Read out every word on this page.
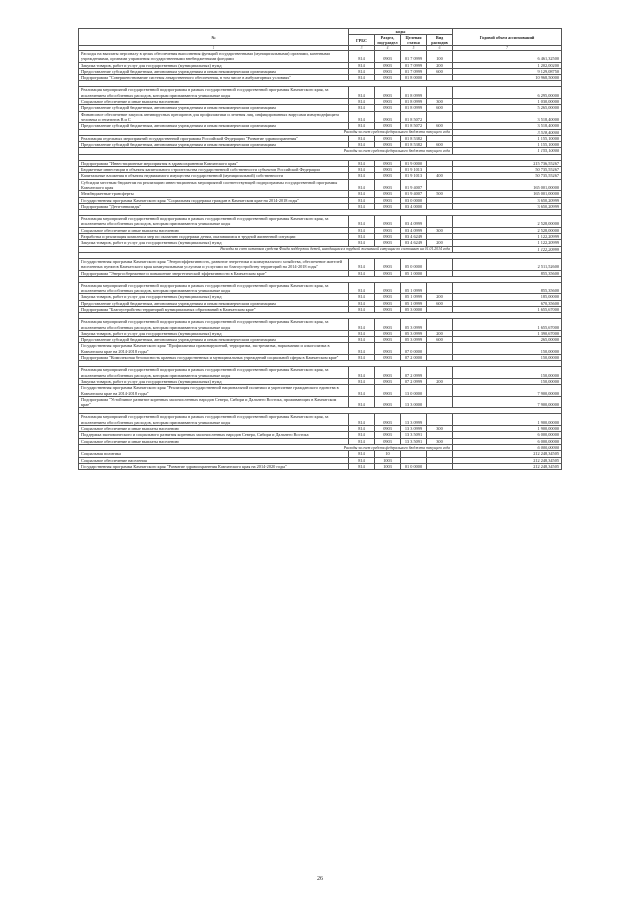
№	коды				Годовой объем ассигнований
	ГРБС	Раздел, под-раздел	Целевая статья	Вид расходов	
1	3	4	5	6	7
Расходы на выплаты персоналу в целях обеспечения выполнения функций государственными (муниципальными) органами, казенными учреждениями, органами управления государственными внебюджетными фондами	814	0903	01 7 0999	100	6 461,32500
Закупка товаров, работ и услуг для государственных (муниципальных) нужд	814	0903	01 7 0999	200	1 202,00200
Предоставление субсидий бюджетным, автономным учреждениям и иным некоммерческим организациям	814	0903	01 7 0999	600	9 129,08750
Подпрограмма "Совершенствование системы лекарственного обеспечения, в том числе в амбулаторных условиях"	814	0903	01 8 0000		10 968,50000

Реализация мероприятий государственной подпрограммы в рамках государственной государственной программы Камчатского края, за исключением обособленных расходов, которым присваиваются уникальные коды	814	0903	01 8 0999		6 295,00000
Социальное обеспечение и иные выплаты населению	814	0903	01 8 0999	300	1 030,00000
Предоставление субсидий бюджетным, автономным учреждениям и иным некоммерческим организациям	814	0903	01 8 0999	600	5 265,00000
Финансовое обеспечение закупок антивирусных препаратов для профилактики и лечения лиц, инфицированных вирусами иммунодефицита человека и гепатитов B и C	814	0903	01 8 5072		3 518,40000
Предоставление субсидий бюджетным, автономным учреждениям и иным некоммерческим организациям	814	0903	01 8 5072	600	3 518,40000
Расходы за счет средств федерального бюджета текущего года					3 518,40000
Реализация отдельных мероприятий государственной программы Российской Федерации "Развитие здравоохранения"	814	0903	01 8 5382		1 155,10000
Предоставление субсидий бюджетным, автономным учреждениям и иным некоммерческим организациям	814	0903	01 8 5382	600	1 155,10000
Расходы за счет средств федерального бюджета текущего года					1 155,10000

Подпрограмма "Инвестиционные мероприятия в здравоохранении Камчатского края"	814	0903	01 9 0000		215 736,55267
Бюджетные инвестиции в объекты капитального строительства государственной собственности субъектов Российской Федерации	814	0903	01 9 1013		50 735,55267
Капитальные вложения в объекты недвижимого имущества государственной (муниципальной) собственности	814	0903	01 9 1013	400	50 735,55267
Субсидии местным бюджетам на реализацию инвестиционных мероприятий соответствующей подпрограммы государственной программы Камчатского края	814	0903	01 9 4007		165 001,00000
Межбюджетные трансферты	814	0903	01 9 4007	500	165 001,00000
Государственная программа Камчатского края "Социальная поддержка граждан в Камчатском крае на 2014-2018 годы"	814	0903	03 0 0000		3 650,20999
Подпрограмма "Дети-инвалиды"	814	0903	03 4 0000		3 650,20999

Реализация мероприятий государственной подпрограммы в рамках государственной государственной программы Камчатского края, за исключением обособленных расходов, которым присваиваются уникальные коды	814	0903	03 4 0999		2 528,00000
Социальное обеспечение и иные выплаты населению	814	0903	03 4 0999	300	2 528,00000
Разработка и реализация комплекса мер по оказанию поддержки детям, оказавшимся в трудной жизненной ситуации	814	0903	03 4 6249		1 122,20999
Закупка товаров, работ и услуг для государственных (муниципальных) нужд	814	0903	03 4 6249	200	1 122,20999
Расходы за счет остатков средств Фонда поддержки детей, находящихся в трудной жизненной ситуации по состоянию на 01.01.2014 года					1 122,20999

Государственная программа Камчатского края "Энергоэффективность, развитие энергетики и коммунального хозяйства, обеспечение жителей населенных пунктов Камчатского края коммунальными услугами и услугами по благоустройству территорий на 2014-2018 годы"	814	0903	05 0 0000		2 511,52600
Подпрограмма "Энергосбережение и повышение энергетической эффективности в Камчатском крае"	814	0903	05 1 0000		855,35600

Реализация мероприятий государственной подпрограммы в рамках государственной государственной программы Камчатского края, за исключением обособленных расходов, которым присваиваются уникальные коды	814	0903	05 1 0999		855,35600
Закупка товаров, работ и услуг для государственных (муниципальных) нужд	814	0903	05 1 0999	200	185,00000
Предоставление субсидий бюджетным, автономным учреждениям и иным некоммерческим организациям	814	0903	05 1 0999	600	670,35600
Подпрограмма "Благоустройство территорий муниципальных образований в Камчатском крае"	814	0903	05 3 0000		1 655,67000

Реализация мероприятий государственной подпрограммы в рамках государственной государственной программы Камчатского края, за исключением обособленных расходов, которым присваиваются уникальные коды	814	0903	05 3 0999		1 655,67000
Закупка товаров, работ и услуг для государственных (муниципальных) нужд	814	0903	05 3 0999	200	1 390,67000
Предоставление субсидий бюджетным, автономным учреждениям и иным некоммерческим организациям	814	0903	05 3 0999	600	265,00000
Государственная программа Камчатского края "Профилактика правонарушений, терроризма, экстремизма, наркомании и алкоголизма в Камчатском крае на 2014-2018 годы"	814	0903	07 0 0000		150,00000
Подпрограмма "Комплексная безопасность краевых государственных и муниципальных учреждений социальной сферы в Камчатском крае"	814	0903	07 2 0000		150,00000

Реализация мероприятий государственной подпрограммы в рамках государственной государственной программы Камчатского края, за исключением обособленных расходов, которым присваиваются уникальные коды	814	0903	07 2 0999		150,00000
Закупка товаров, работ и услуг для государственных (муниципальных) нужд	814	0903	07 2 0999	200	150,00000
Государственная программа Камчатского края "Реализация государственной национальной политики и укрепление гражданского единства в Камчатском крае на 2014-2018 годы"	814	0903	13 0 0000		7 900,00000
Подпрограмма "Устойчивое развитие коренных малочисленных народов Севера, Сибири и Дальнего Востока, проживающих в Камчатском крае"	814	0903	13 3 0000		7 900,00000

Реализация мероприятий государственной подпрограммы в рамках государственной государственной программы Камчатского края, за исключением обособленных расходов, которым присваиваются уникальные коды	814	0903	13 3 0999		1 900,00000
Социальное обеспечение и иные выплаты населению	814	0903	13 3 0999	300	1 900,00000
Поддержка экономического и социального развития коренных малочисленных народов Севера, Сибири и Дальнего Востока	814	0903	13 3 5091		6 000,00000
Социальное обеспечение и иные выплаты населению	814	0903	13 3 5091	300	6 000,00000
Расходы за счет средств федерального бюджета текущего года					6 000,00000
Социальная политика	814	10			212 248,34505
Социальное обеспечение населения	814	1003			212 248,34505
Государственная программа Камчатского края "Развитие здравоохранения Камчатского края на 2014-2020 годы"	814	1003	01 0 0000		212 248,34505
26
